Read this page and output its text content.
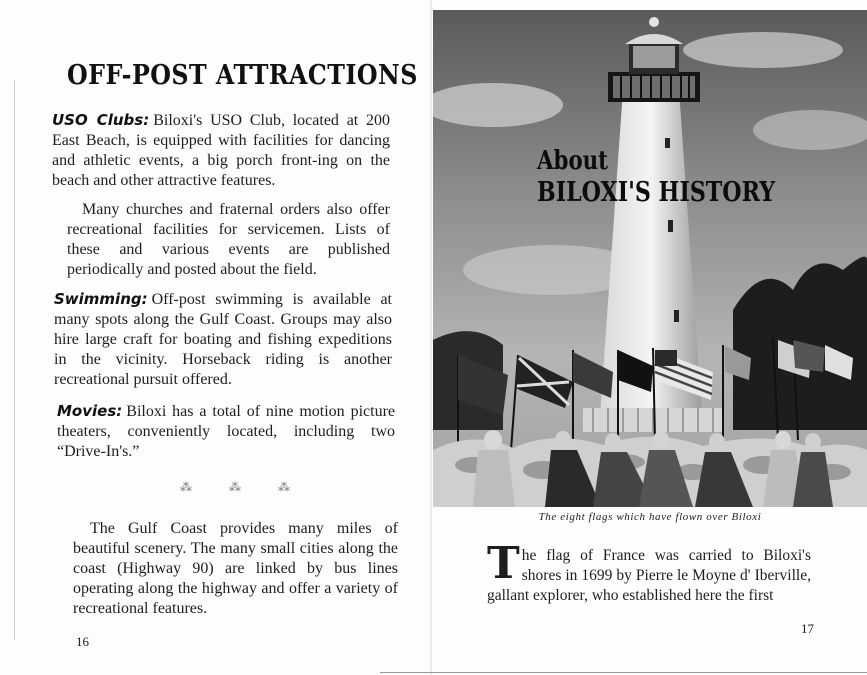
OFF-POST ATTRACTIONS
USO Clubs: Biloxi's USO Club, located at 200 East Beach, is equipped with facilities for dancing and athletic events, a big porch front-ing on the beach and other attractive features.
Many churches and fraternal orders also offer recreational facilities for servicemen. Lists of these and various events are published periodically and posted about the field.
Swimming: Off-post swimming is available at many spots along the Gulf Coast. Groups may also hire large craft for boating and fishing expeditions in the vicinity. Horseback riding is another recreational pursuit offered.
Movies: Biloxi has a total of nine motion picture theaters, conveniently located, including two “Drive-In's.”
⁂	⁂	⁂
The Gulf Coast provides many miles of beautiful scenery. The many small cities along the coast (Highway 90) are linked by bus lines operating along the highway and offer a variety of recreational features.
16
About
BILOXI'S HISTORY
The eight flags which have flown over Biloxi
The flag of France was carried to Biloxi's shores in 1699 by Pierre le Moyne d' Iberville, gallant explorer, who established here the first
17
